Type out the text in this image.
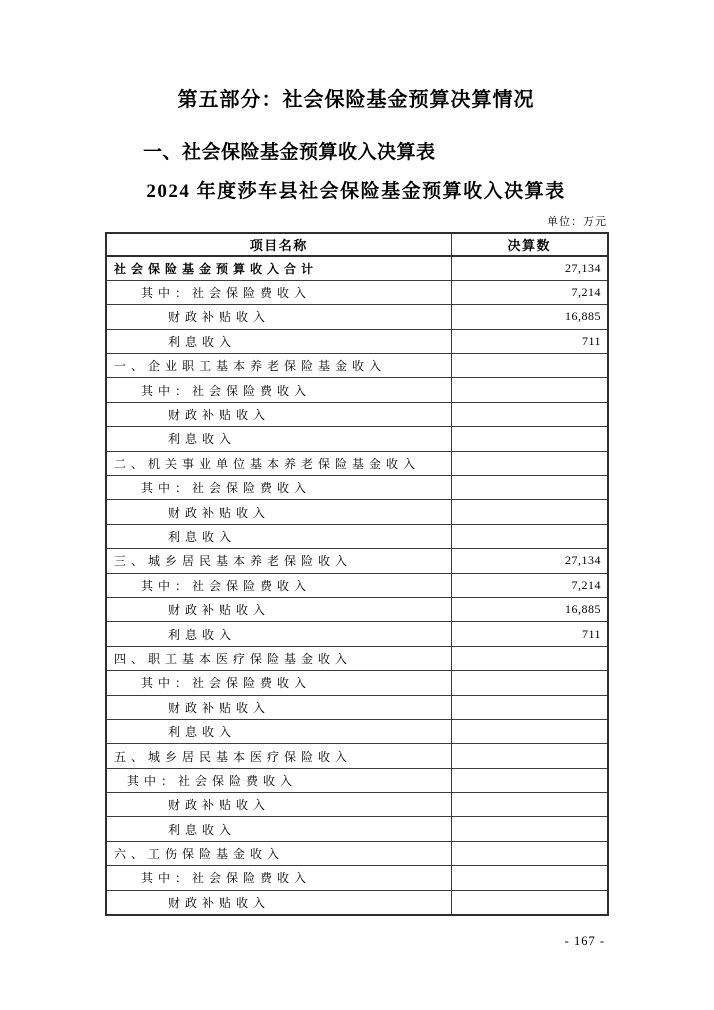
第五部分：社会保险基金预算决算情况
一、社会保险基金预算收入决算表
2024 年度莎车县社会保险基金预算收入决算表
单位：万元
项目名称	决算数
社会保险基金预算收入合计	27,134
其中：社会保险费收入	7,214
财政补贴收入	16,885
利息收入	711
一、企业职工基本养老保险基金收入	
其中：社会保险费收入	
财政补贴收入	
利息收入	
二、机关事业单位基本养老保险基金收入	
其中：社会保险费收入	
财政补贴收入	
利息收入	
三、城乡居民基本养老保险收入	27,134
其中：社会保险费收入	7,214
财政补贴收入	16,885
利息收入	711
四、职工基本医疗保险基金收入	
其中：社会保险费收入	
财政补贴收入	
利息收入	
五、城乡居民基本医疗保险收入	
其中：社会保险费收入	
财政补贴收入	
利息收入	
六、工伤保险基金收入	
其中：社会保险费收入	
财政补贴收入	
- 167 -
